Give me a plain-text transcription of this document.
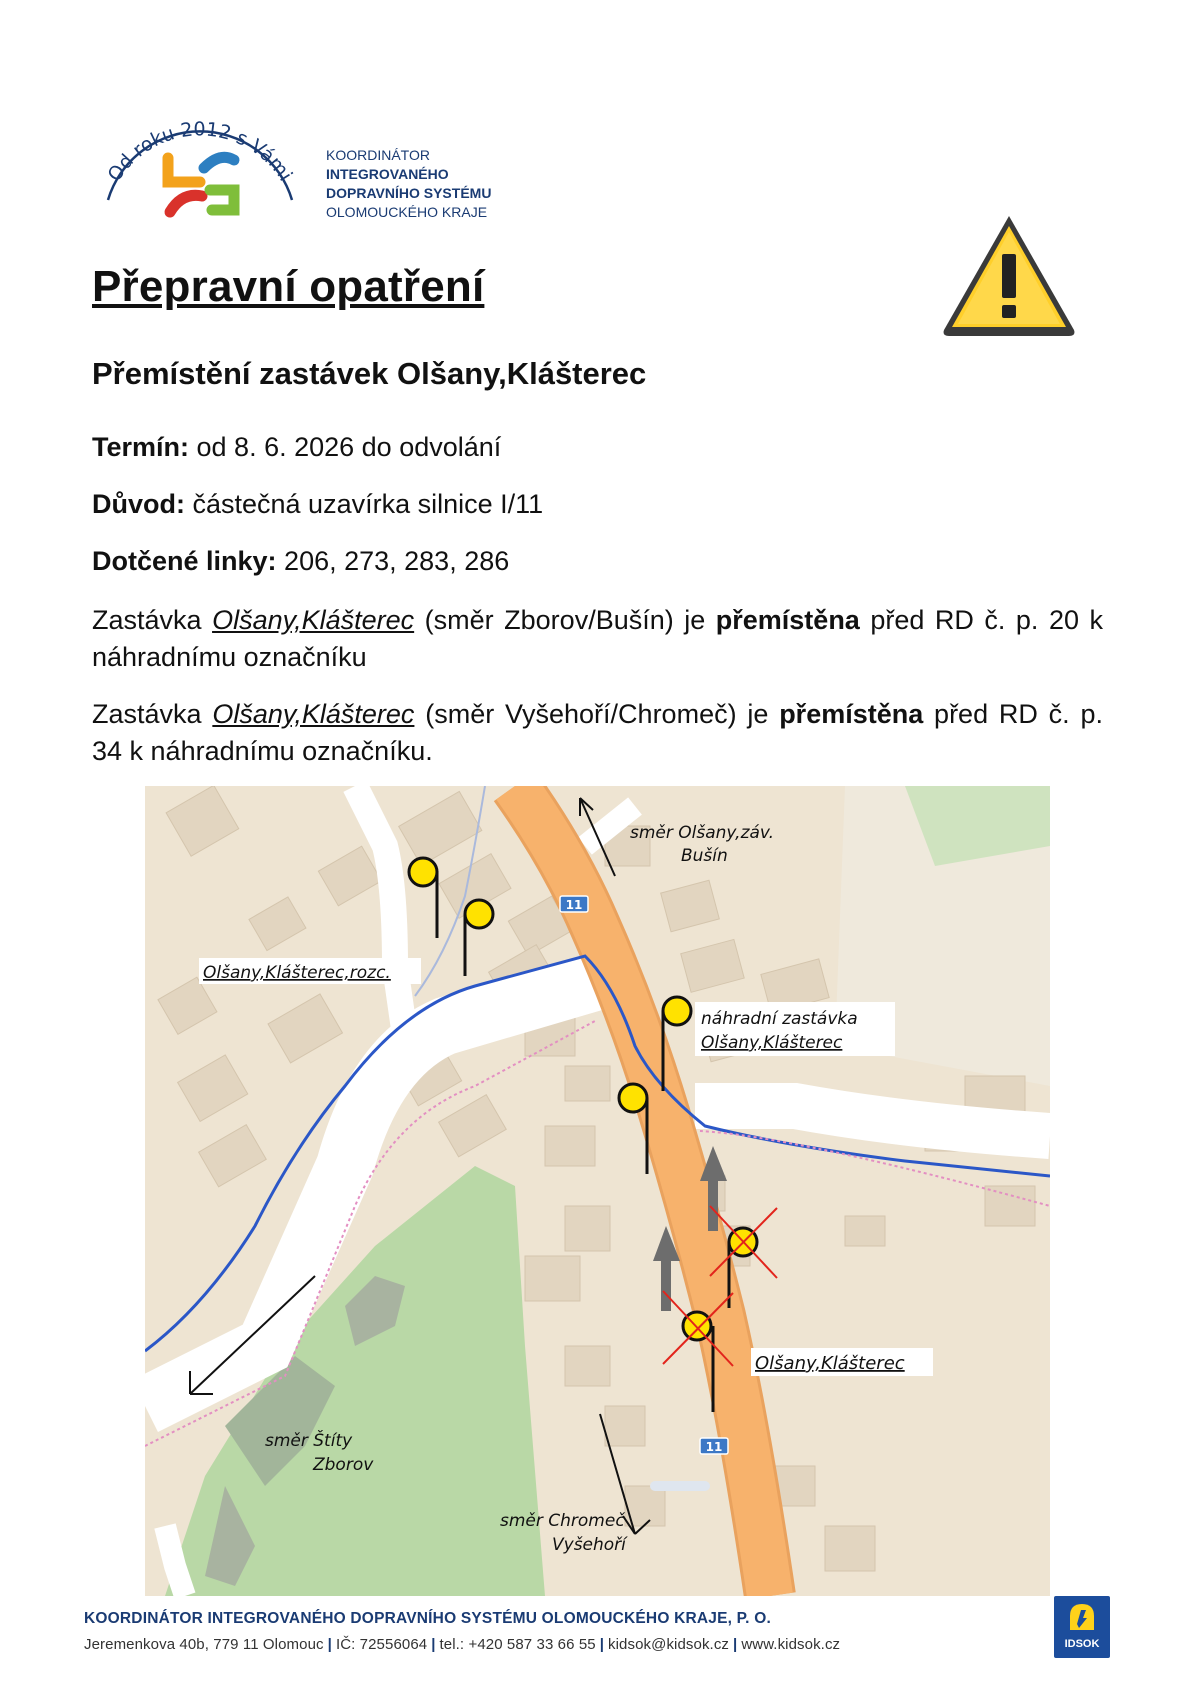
Od roku 2012 s Vámi
KOORDINÁTOR
INTEGROVANÉHO
DOPRAVNÍHO SYSTÉMU
OLOMOUCKÉHO KRAJE
Přepravní opatření
Přemístění zastávek Olšany,Klášterec
Termín: od 8. 6. 2026 do odvolání
Důvod: částečná uzavírka silnice I/11
Dotčené linky: 206, 273, 283, 286
Zastávka Olšany,Klášterec (směr Zborov/Bušín) je přemístěna před RD č. p. 20 k náhradnímu označníku
Zastávka Olšany,Klášterec (směr Vyšehoří/Chromeč) je přemístěna před RD č. p. 34 k náhradnímu označníku.
11
11
směr Olšany,záv.
Bušín
Olšany,Klášterec,rozc.
náhradní zastávka
Olšany,Klášterec
Olšany,Klášterec
směr Štíty
Zborov
směr Chromeč
Vyšehoří
KOORDINÁTOR INTEGROVANÉHO DOPRAVNÍHO SYSTÉMU OLOMOUCKÉHO KRAJE, P. O.
Jeremenkova 40b, 779 11 Olomouc | IČ: 72556064 | tel.: +420 587 33 66 55 | kidsok@kidsok.cz | www.kidsok.cz	IDSOK
